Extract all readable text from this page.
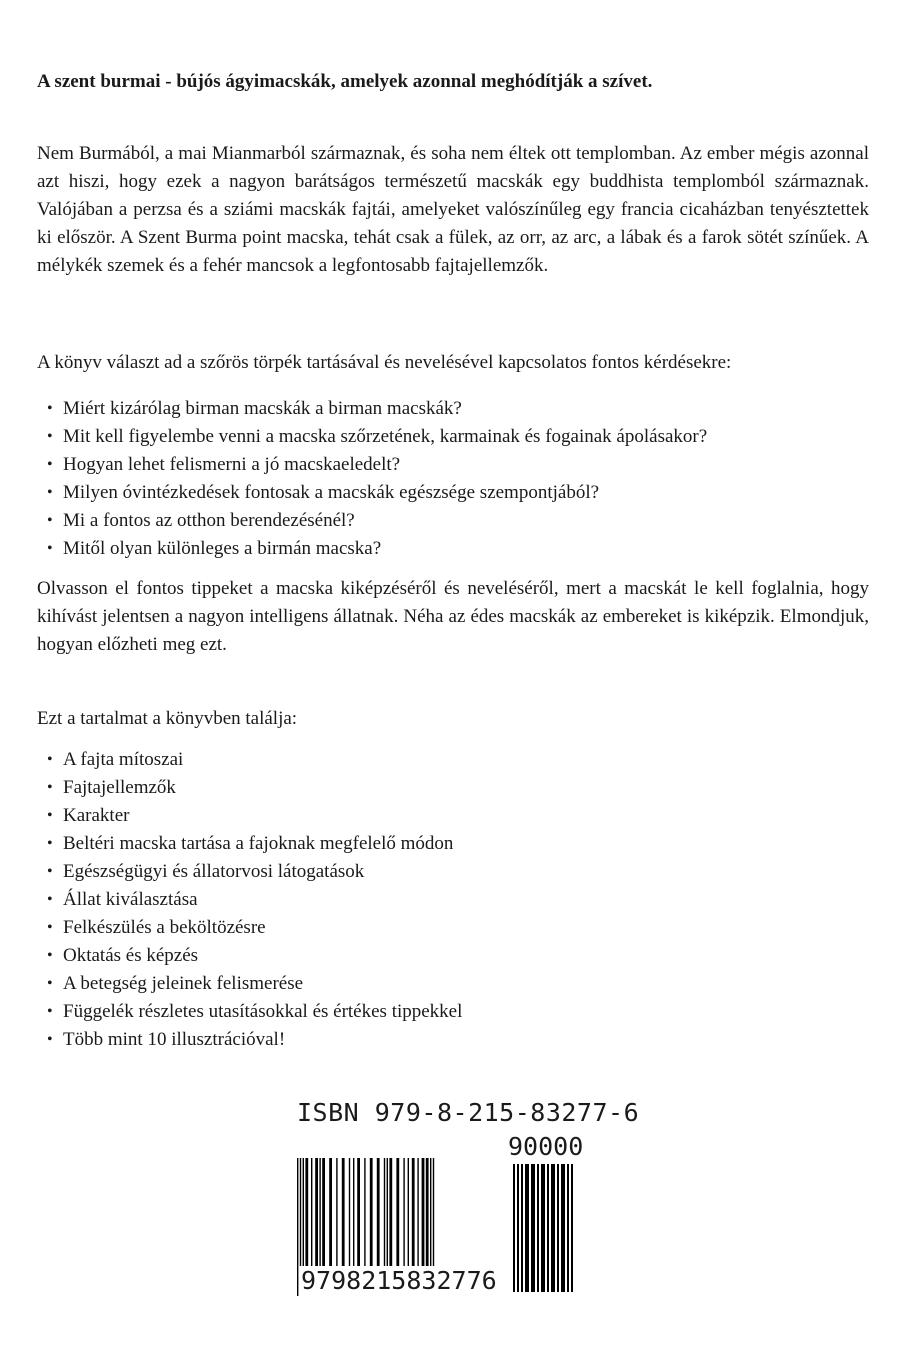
A szent burmai - bújós ágyimacskák, amelyek azonnal meghódítják a szívet.

Nem Burmából, a mai Mianmarból származnak, és soha nem éltek ott templomban. Az ember mégis azonnal azt hiszi, hogy ezek a nagyon barátságos természetű macskák egy buddhista templomból származnak. Valójában a perzsa és a sziámi macskák fajtái, amelyeket valószínűleg egy francia cicaházban tenyésztettek ki először. A Szent Burma point macska, tehát csak a fülek, az orr, az arc, a lábak és a farok sötét színűek. A mélykék szemek és a fehér mancsok a legfontosabb fajtajellemzők.

A könyv választ ad a szőrös törpék tartásával és nevelésével kapcsolatos fontos kérdésekre:

• Miért kizárólag birman macskák a birman macskák?
• Mit kell figyelembe venni a macska szőrzetének, karmainak és fogainak ápolásakor?
• Hogyan lehet felismerni a jó macskaeledelt?
• Milyen óvintézkedések fontosak a macskák egészsége szempontjából?
• Mi a fontos az otthon berendezésénél?
• Mitől olyan különleges a birmán macska?

Olvasson el fontos tippeket a macska kiképzéséről és neveléséről, mert a macskát le kell foglalnia, hogy kihívást jelentsen a nagyon intelligens állatnak. Néha az édes macskák az embereket is kiképzik. Elmondjuk, hogyan előzheti meg ezt.

Ezt a tartalmat a könyvben találja:

• A fajta mítoszai
• Fajtajellemzők
• Karakter
• Beltéri macska tartása a fajoknak megfelelő módon
• Egészségügyi és állatorvosi látogatások
• Állat kiválasztása
• Felkészülés a beköltözésre
• Oktatás és képzés
• A betegség jeleinek felismerése
• Függelék részletes utasításokkal és értékes tippekkel
• Több mint 10 illusztrációval!
ISBN 979-8-215-83277-6
90000
9798215832776
